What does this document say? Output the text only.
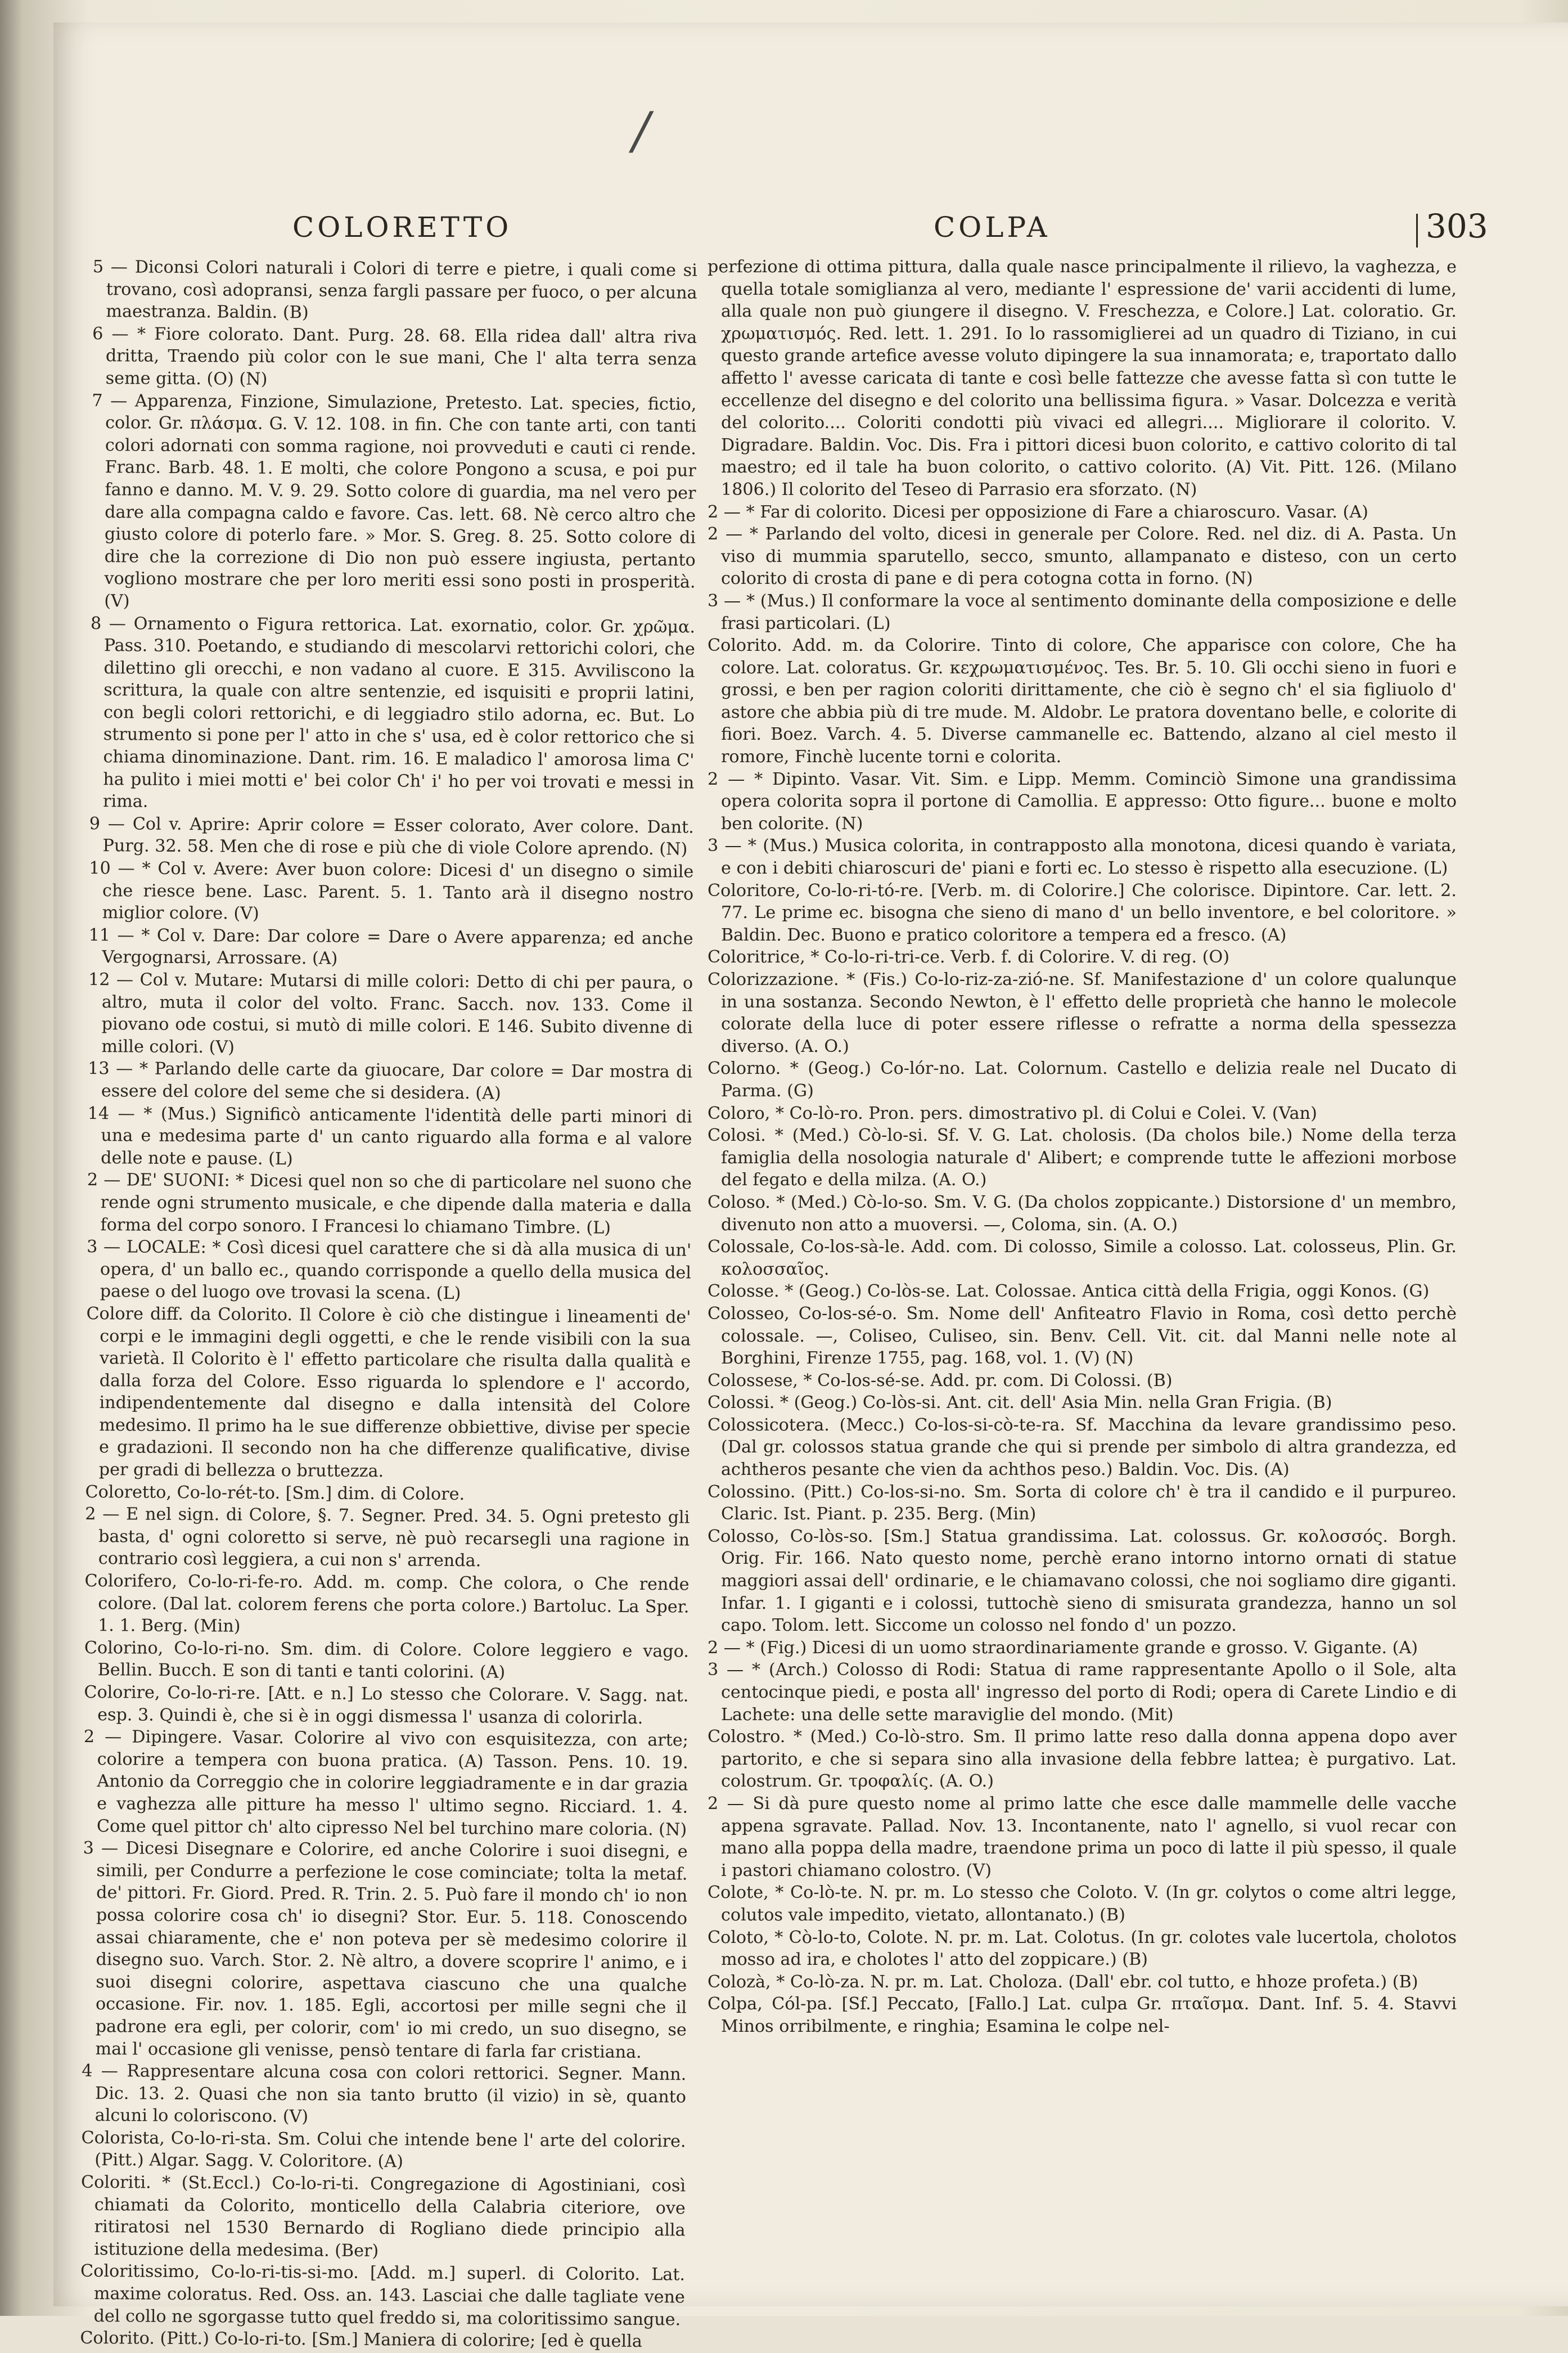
/
COLORETTO	COLPA	303

5 — Diconsi Colori naturali i Colori di terre e pietre, i quali come si trovano, così adopransi, senza fargli passare per fuoco, o per alcuna maestranza. Baldin. (B)

6 — * Fiore colorato. Dant. Purg. 28. 68. Ella ridea dall' altra riva dritta, Traendo più color con le sue mani, Che l' alta terra senza seme gitta. (O) (N)

7 — Apparenza, Finzione, Simulazione, Pretesto. Lat. species, fictio, color. Gr. πλάσμα. G. V. 12. 108. in fin. Che con tante arti, con tanti colori adornati con somma ragione, noi provvedutі e cauti ci rende. Franc. Barb. 48. 1. E molti, che colore Pongono a scusa, e poi pur fanno e danno. M. V. 9. 29. Sotto colore di guardia, ma nel vero per dare alla compagna caldo e favore. Cas. lett. 68. Nè cerco altro che giusto colore di poterlo fare. » Mor. S. Greg. 8. 25. Sotto colore di dire che la correzione di Dio non può essere ingiusta, pertanto vogliono mostrare che per loro meriti essi sono posti in prosperità. (V)

8 — Ornamento o Figura rettorica. Lat. exornatio, color. Gr. χρῶμα. Pass. 310. Poetando, e studiando di mescolarvi rettorichi colori, che dilettino gli orecchi, e non vadano al cuore. E 315. Avviliscono la scrittura, la quale con altre sentenzie, ed isquisiti e proprii latini, con begli colori rettorichi, e di leggiadro stilo adorna, ec. But. Lo strumento si pone per l' atto in che s' usa, ed è color rettorico che si chiama dinominazione. Dant. rim. 16. E maladico l' amorosa lima C' ha pulito i miei motti e' bei color Ch' i' ho per voi trovati e messi in rima.

9 — Col v. Aprire: Aprir colore = Esser colorato, Aver colore. Dant. Purg. 32. 58. Men che di rose e più che di viole Colore aprendo. (N)

10 — * Col v. Avere: Aver buon colore: Dicesi d' un disegno o simile che riesce bene. Lasc. Parent. 5. 1. Tanto arà il disegno nostro miglior colore. (V)

11 — * Col v. Dare: Dar colore = Dare o Avere apparenza; ed anche Vergognarsi, Arrossare. (A)

12 — Col v. Mutare: Mutarsi di mille colori: Detto di chi per paura, o altro, muta il color del volto. Franc. Sacch. nov. 133. Come il piovano ode costui, si mutò di mille colori. E 146. Subito divenne di mille colori. (V)

13 — * Parlando delle carte da giuocare, Dar colore = Dar mostra di essere del colore del seme che si desidera. (A)

14 — * (Mus.) Significò anticamente l'identità delle parti minori di una e medesima parte d' un canto riguardo alla forma e al valore delle note e pause. (L)

2 — DE' SUONI: * Dicesi quel non so che di particolare nel suono che rende ogni strumento musicale, e che dipende dalla materia e dalla forma del corpo sonoro. I Francesi lo chiamano Timbre. (L)

3 — LOCALE: * Così dicesi quel carattere che si dà alla musica di un' opera, d' un ballo ec., quando corrisponde a quello della musica del paese o del luogo ove trovasi la scena. (L)

Colore diff. da Colorito. Il Colore è ciò che distingue i lineamenti de' corpi e le immagini degli oggetti, e che le rende visibili con la sua varietà. Il Colorito è l' effetto particolare che risulta dalla qualità e dalla forza del Colore. Esso riguarda lo splendore e l' accordo, indipendentemente dal disegno e dalla intensità del Colore medesimo. Il primo ha le sue differenze obbiettive, divise per specie e gradazioni. Il secondo non ha che differenze qualificative, divise per gradi di bellezza o bruttezza.

Coloretto, Co-lo-rét-to. [Sm.] dim. di Colore.

2 — E nel sign. di Colore, §. 7. Segner. Pred. 34. 5. Ogni pretesto gli basta, d' ogni coloretto si serve, nè può recarsegli una ragione in contrario così leggiera, a cui non s' arrenda.

Colorifero, Co-lo-ri-fe-ro. Add. m. comp. Che colora, o Che rende colore. (Dal lat. colorem ferens che porta colore.) Bartoluc. La Sper. 1. 1. Berg. (Min)

Colorino, Co-lo-ri-no. Sm. dim. di Colore. Colore leggiero e vago. Bellin. Bucch. E son di tanti e tanti colorini. (A)

Colorire, Co-lo-ri-re. [Att. e n.] Lo stesso che Colorare. V. Sagg. nat. esp. 3. Quindi è, che si è in oggi dismessa l' usanza di colorirla.

2 — Dipingere. Vasar. Colorire al vivo con esquisitezza, con arte; colorire a tempera con buona pratica. (A) Tasson. Pens. 10. 19. Antonio da Correggio che in colorire leggiadramente e in dar grazia e vaghezza alle pitture ha messo l' ultimo segno. Ricciard. 1. 4. Come quel pittor ch' alto cipresso Nel bel turchino mare coloria. (N)

3 — Dicesi Disegnare e Colorire, ed anche Colorire i suoi disegni, e simili, per Condurre a perfezione le cose cominciate; tolta la metaf. de' pittori. Fr. Giord. Pred. R. Trin. 2. 5. Può fare il mondo ch' io non possa colorire cosa ch' io disegni? Stor. Eur. 5. 118. Conoscendo assai chiaramente, che e' non poteva per sè medesimo colorire il disegno suo. Varch. Stor. 2. Nè altro, a dovere scoprire l' animo, e i suoi disegni colorire, aspettava ciascuno che una qualche occasione. Fir. nov. 1. 185. Egli, accortosi per mille segni che il padrone era egli, per colorir, com' io mi credo, un suo disegno, se mai l' occasione gli venisse, pensò tentare di farla far cristiana.

4 — Rappresentare alcuna cosa con colori rettorici. Segner. Mann. Dic. 13. 2. Quasi che non sia tanto brutto (il vizio) in sè, quanto alcuni lo coloriscono. (V)

Colorista, Co-lo-ri-sta. Sm. Colui che intende bene l' arte del colorire. (Pitt.) Algar. Sagg. V. Coloritore. (A)

Coloriti. * (St.Eccl.) Co-lo-ri-ti. Congregazione di Agostiniani, così chiamati da Colorito, monticello della Calabria citeriore, ove ritiratosi nel 1530 Bernardo di Rogliano diede principio alla istituzione della medesima. (Ber)

Coloritissimo, Co-lo-ri-tis-si-mo. [Add. m.] superl. di Colorito. Lat. maxime coloratus. Red. Oss. an. 143. Lasciai che dalle tagliate vene del collo ne sgorgasse tutto quel freddo si, ma coloritissimo sangue.

Colorito. (Pitt.) Co-lo-ri-to. [Sm.] Maniera di colorire; [ed è quella

perfezione di ottima pittura, dalla quale nasce principalmente il rilievo, la vaghezza, e quella totale somiglianza al vero, mediante l' espressione de' varii accidenti di lume, alla quale non può giungere il disegno. V. Freschezza, e Colore.] Lat. coloratio. Gr. χρωματισμός. Red. lett. 1. 291. Io lo rassomiglierei ad un quadro di Tiziano, in cui questo grande artefice avesse voluto dipingere la sua innamorata; e, traportato dallo affetto l' avesse caricata di tante e così belle fattezze che avesse fatta sì con tutte le eccellenze del disegno e del colorito una bellissima figura. » Vasar. Dolcezza e verità del colorito.... Coloriti condotti più vivaci ed allegri.... Migliorare il colorito. V. Digradare. Baldin. Voc. Dis. Fra i pittori dicesi buon colorito, e cattivo colorito di tal maestro; ed il tale ha buon colorito, o cattivo colorito. (A) Vit. Pitt. 126. (Milano 1806.) Il colorito del Teseo di Parrasio era sforzato. (N)

2 — * Far di colorito. Dicesi per opposizione di Fare a chiaroscuro. Vasar. (A)

2 — * Parlando del volto, dicesi in generale per Colore. Red. nel diz. di A. Pasta. Un viso di mummia sparutello, secco, smunto, allampanato e disteso, con un certo colorito di crosta di pane e di pera cotogna cotta in forno. (N)

3 — * (Mus.) Il conformare la voce al sentimento dominante della composizione e delle frasi particolari. (L)

Colorito. Add. m. da Colorire. Tinto di colore, Che apparisce con colore, Che ha colore. Lat. coloratus. Gr. κεχρωματισμένος. Tes. Br. 5. 10. Gli occhi sieno in fuori e grossi, e ben per ragion coloriti dirittamente, che ciò è segno ch' el sia figliuolo d' astore che abbia più di tre mude. M. Aldobr. Le pratora doventano belle, e colorite di fiori. Boez. Varch. 4. 5. Diverse cammanelle ec. Battendo, alzano al ciel mesto il romore, Finchè lucente torni e colorita.

2 — * Dipinto. Vasar. Vit. Sim. e Lipp. Memm. Cominciò Simone una grandissima opera colorita sopra il portone di Camollia. E appresso: Otto figure... buone e molto ben colorite. (N)

3 — * (Mus.) Musica colorita, in contrapposto alla monotona, dicesi quando è variata, e con i debiti chiaroscuri de' piani e forti ec. Lo stesso è rispetto alla esecuzione. (L)

Coloritore, Co-lo-ri-tó-re. [Verb. m. di Colorire.] Che colorisce. Dipintore. Car. lett. 2. 77. Le prime ec. bisogna che sieno di mano d' un bello inventore, e bel coloritore. » Baldin. Dec. Buono e pratico coloritore a tempera ed a fresco. (A)

Coloritrice, * Co-lo-ri-tri-ce. Verb. f. di Colorire. V. di reg. (O)

Colorizzazione. * (Fis.) Co-lo-riz-za-zió-ne. Sf. Manifestazione d' un colore qualunque in una sostanza. Secondo Newton, è l' effetto delle proprietà che hanno le molecole colorate della luce di poter essere riflesse o refratte a norma della spessezza diverso. (A. O.)

Colorno. * (Geog.) Co-lór-no. Lat. Colornum. Castello e delizia reale nel Ducato di Parma. (G)

Coloro, * Co-lò-ro. Pron. pers. dimostrativo pl. di Colui e Colei. V. (Van)

Colosi. * (Med.) Cò-lo-si. Sf. V. G. Lat. cholosis. (Da cholos bile.) Nome della terza famiglia della nosologia naturale d' Alibert; e comprende tutte le affezioni morbose del fegato e della milza. (A. O.)

Coloso. * (Med.) Cò-lo-so. Sm. V. G. (Da cholos zoppicante.) Distorsione d' un membro, divenuto non atto a muoversi. —, Coloma, sin. (A. O.)

Colossale, Co-los-sà-le. Add. com. Di colosso, Simile a colosso. Lat. colosseus, Plin. Gr. κολοσσαῖος.

Colosse. * (Geog.) Co-lòs-se. Lat. Colossae. Antica città della Frigia, oggi Konos. (G)

Colosseo, Co-los-sé-o. Sm. Nome dell' Anfiteatro Flavio in Roma, così detto perchè colossale. —, Coliseo, Culiseo, sin. Benv. Cell. Vit. cit. dal Manni nelle note al Borghini, Firenze 1755, pag. 168, vol. 1. (V) (N)

Colossese, * Co-los-sé-se. Add. pr. com. Di Colossi. (B)

Colossi. * (Geog.) Co-lòs-si. Ant. cit. dell' Asia Min. nella Gran Frigia. (B)

Colossicotera. (Mecc.) Co-los-si-cò-te-ra. Sf. Macchina da levare grandissimo peso. (Dal gr. colossos statua grande che qui si prende per simbolo di altra grandezza, ed achtheros pesante che vien da achthos peso.) Baldin. Voc. Dis. (A)

Colossino. (Pitt.) Co-los-si-no. Sm. Sorta di colore ch' è tra il candido e il purpureo. Claric. Ist. Piant. p. 235. Berg. (Min)

Colosso, Co-lòs-so. [Sm.] Statua grandissima. Lat. colossus. Gr. κολοσσός. Borgh. Orig. Fir. 166. Nato questo nome, perchè erano intorno intorno ornati di statue maggiori assai dell' ordinarie, e le chiamavano colossi, che noi sogliamo dire giganti. Infar. 1. I giganti e i colossi, tuttochè sieno di smisurata grandezza, hanno un sol capo. Tolom. lett. Siccome un colosso nel fondo d' un pozzo.

2 — * (Fig.) Dicesi di un uomo straordinariamente grande e grosso. V. Gigante. (A)

3 — * (Arch.) Colosso di Rodi: Statua di rame rappresentante Apollo o il Sole, alta centocinque piedi, e posta all' ingresso del porto di Rodi; opera di Carete Lindio e di Lachete: una delle sette maraviglie del mondo. (Mit)

Colostro. * (Med.) Co-lò-stro. Sm. Il primo latte reso dalla donna appena dopo aver partorito, e che si separa sino alla invasione della febbre lattea; è purgativo. Lat. colostrum. Gr. τροφαλίς. (A. O.)

2 — Si dà pure questo nome al primo latte che esce dalle mammelle delle vacche appena sgravate. Pallad. Nov. 13. Incontanente, nato l' agnello, si vuol recar con mano alla poppa della madre, traendone prima un poco di latte il più spesso, il quale i pastori chiamano colostro. (V)

Colote, * Co-lò-te. N. pr. m. Lo stesso che Coloto. V. (In gr. colytos o come altri legge, colutos vale impedito, vietato, allontanato.) (B)

Coloto, * Cò-lo-to, Colote. N. pr. m. Lat. Colotus. (In gr. colotes vale lucertola, cholotos mosso ad ira, e cholotes l' atto del zoppicare.) (B)

Colozà, * Co-lò-za. N. pr. m. Lat. Choloza. (Dall' ebr. col tutto, e hhoze profeta.) (B)

Colpa, Cól-pa. [Sf.] Peccato, [Fallo.] Lat. culpa Gr. πταῖσμα. Dant. Inf. 5. 4. Stavvi Minos orribilmente, e ringhia; Esamina le colpe nel-
